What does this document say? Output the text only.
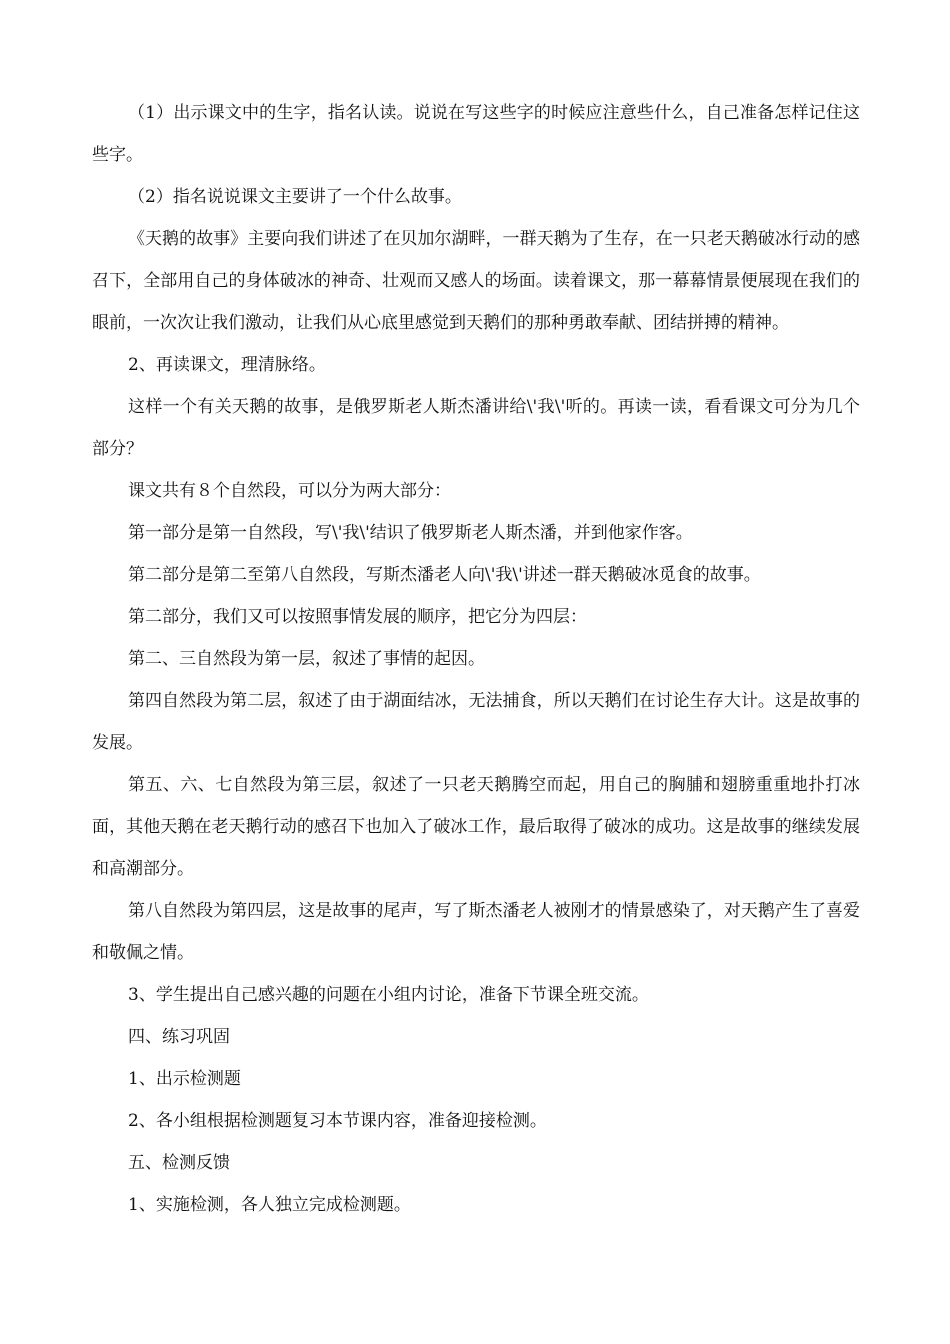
（1）出示课文中的生字，指名认读。说说在写这些字的时候应注意些什么，自己准备怎样记住这些字。

（2）指名说说课文主要讲了一个什么故事。

《天鹅的故事》主要向我们讲述了在贝加尔湖畔，一群天鹅为了生存，在一只老天鹅破冰行动的感召下，全部用自己的身体破冰的神奇、壮观而又感人的场面。读着课文，那一幕幕情景便展现在我们的眼前，一次次让我们激动，让我们从心底里感觉到天鹅们的那种勇敢奉献、团结拼搏的精神。

2、再读课文，理清脉络。

这样一个有关天鹅的故事，是俄罗斯老人斯杰潘讲给\'我\'听的。再读一读，看看课文可分为几个部分？

课文共有８个自然段，可以分为两大部分：

第一部分是第一自然段，写\'我\'结识了俄罗斯老人斯杰潘，并到他家作客。

第二部分是第二至第八自然段，写斯杰潘老人向\'我\'讲述一群天鹅破冰觅食的故事。

第二部分，我们又可以按照事情发展的顺序，把它分为四层：

第二、三自然段为第一层，叙述了事情的起因。

第四自然段为第二层，叙述了由于湖面结冰，无法捕食，所以天鹅们在讨论生存大计。这是故事的发展。

第五、六、七自然段为第三层，叙述了一只老天鹅腾空而起，用自己的胸脯和翅膀重重地扑打冰面，其他天鹅在老天鹅行动的感召下也加入了破冰工作，最后取得了破冰的成功。这是故事的继续发展和高潮部分。

第八自然段为第四层，这是故事的尾声，写了斯杰潘老人被刚才的情景感染了，对天鹅产生了喜爱和敬佩之情。

3、学生提出自己感兴趣的问题在小组内讨论，准备下节课全班交流。

四、练习巩固

1、出示检测题

2、各小组根据检测题复习本节课内容，准备迎接检测。

五、检测反馈

1、实施检测，各人独立完成检测题。
